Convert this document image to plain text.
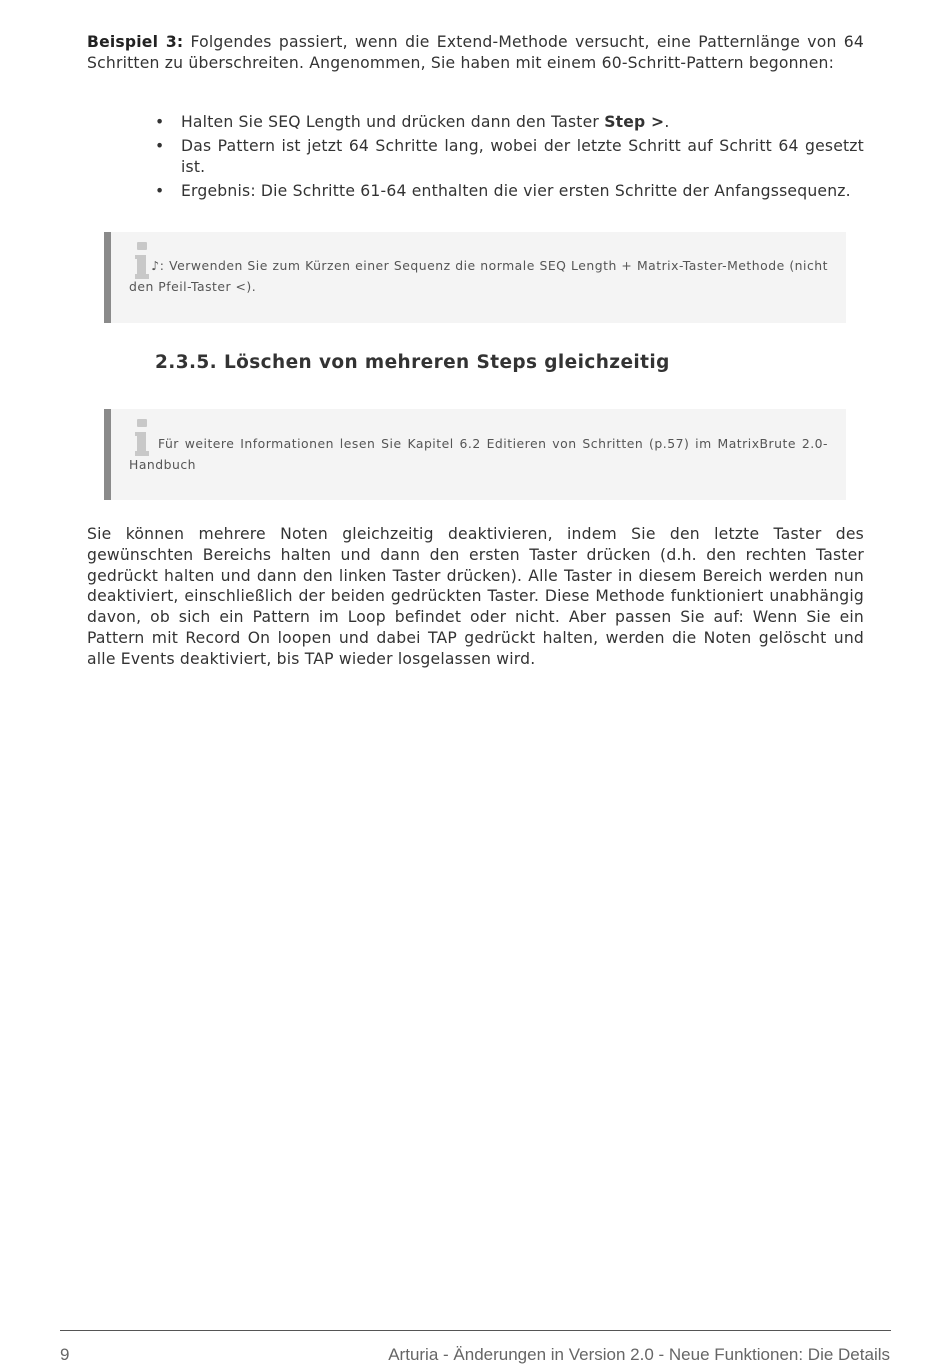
Beispiel 3: Folgendes passiert, wenn die Extend-Methode versucht, eine Patternlänge von 64 Schritten zu überschreiten. Angenommen, Sie haben mit einem 60-Schritt-Pattern begonnen:

• Halten Sie SEQ Length und drücken dann den Taster Step >.
• Das Pattern ist jetzt 64 Schritte lang, wobei der letzte Schritt auf Schritt 64 gesetzt ist.
• Ergebnis: Die Schritte 61-64 enthalten die vier ersten Schritte der Anfangssequenz.
♪: Verwenden Sie zum Kürzen einer Sequenz die normale SEQ Length + Matrix-Taster-Methode (nicht den Pfeil-Taster <).
2.3.5. Löschen von mehreren Steps gleichzeitig
Für weitere Informationen lesen Sie Kapitel 6.2 Editieren von Schritten (p.57) im MatrixBrute 2.0-Handbuch

Sie können mehrere Noten gleichzeitig deaktivieren, indem Sie den letzte Taster des gewünschten Bereichs halten und dann den ersten Taster drücken (d.h. den rechten Taster gedrückt halten und dann den linken Taster drücken). Alle Taster in diesem Bereich werden nun deaktiviert, einschließlich der beiden gedrückten Taster. Diese Methode funktioniert unabhängig davon, ob sich ein Pattern im Loop befindet oder nicht. Aber passen Sie auf: Wenn Sie ein Pattern mit Record On loopen und dabei TAP gedrückt halten, werden die Noten gelöscht und alle Events deaktiviert, bis TAP wieder losgelassen wird.

9	Arturia - Änderungen in Version 2.0 - Neue Funktionen: Die Details
